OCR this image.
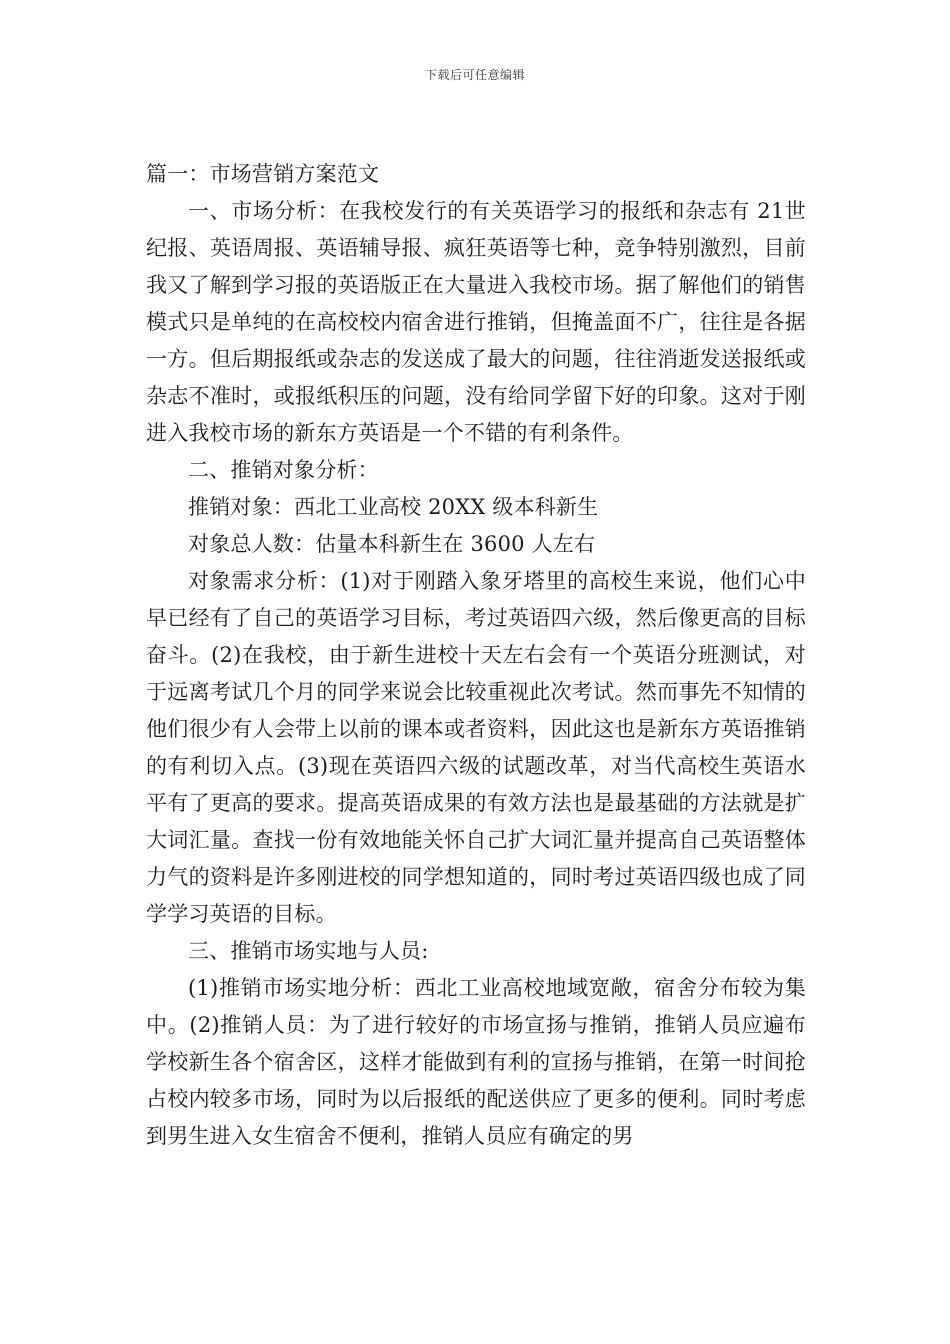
下载后可任意编辑

篇一：市场营销方案范文

一、市场分析：在我校发行的有关英语学习的报纸和杂志有 21世纪报、英语周报、英语辅导报、疯狂英语等七种，竞争特别激烈，目前我又了解到学习报的英语版正在大量进入我校市场。据了解他们的销售模式只是单纯的在高校校内宿舍进行推销，但掩盖面不广，往往是各据一方。但后期报纸或杂志的发送成了最大的问题，往往消逝发送报纸或杂志不准时，或报纸积压的问题，没有给同学留下好的印象。这对于刚进入我校市场的新东方英语是一个不错的有利条件。

二、推销对象分析：

推销对象：西北工业高校 20XX 级本科新生

对象总人数：估量本科新生在 3600 人左右

对象需求分析：(1)对于刚踏入象牙塔里的高校生来说，他们心中早已经有了自己的英语学习目标，考过英语四六级，然后像更高的目标奋斗。(2)在我校，由于新生进校十天左右会有一个英语分班测试，对于远离考试几个月的同学来说会比较重视此次考试。然而事先不知情的他们很少有人会带上以前的课本或者资料，因此这也是新东方英语推销的有利切入点。(3)现在英语四六级的试题改革，对当代高校生英语水平有了更高的要求。提高英语成果的有效方法也是最基础的方法就是扩大词汇量。查找一份有效地能关怀自己扩大词汇量并提高自己英语整体力气的资料是许多刚进校的同学想知道的，同时考过英语四级也成了同学学习英语的目标。

三、推销市场实地与人员:

(1)推销市场实地分析：西北工业高校地域宽敞，宿舍分布较为集中。(2)推销人员：为了进行较好的市场宣扬与推销，推销人员应遍布学校新生各个宿舍区，这样才能做到有利的宣扬与推销，在第一时间抢占校内较多市场，同时为以后报纸的配送供应了更多的便利。同时考虑到男生进入女生宿舍不便利，推销人员应有确定的男
